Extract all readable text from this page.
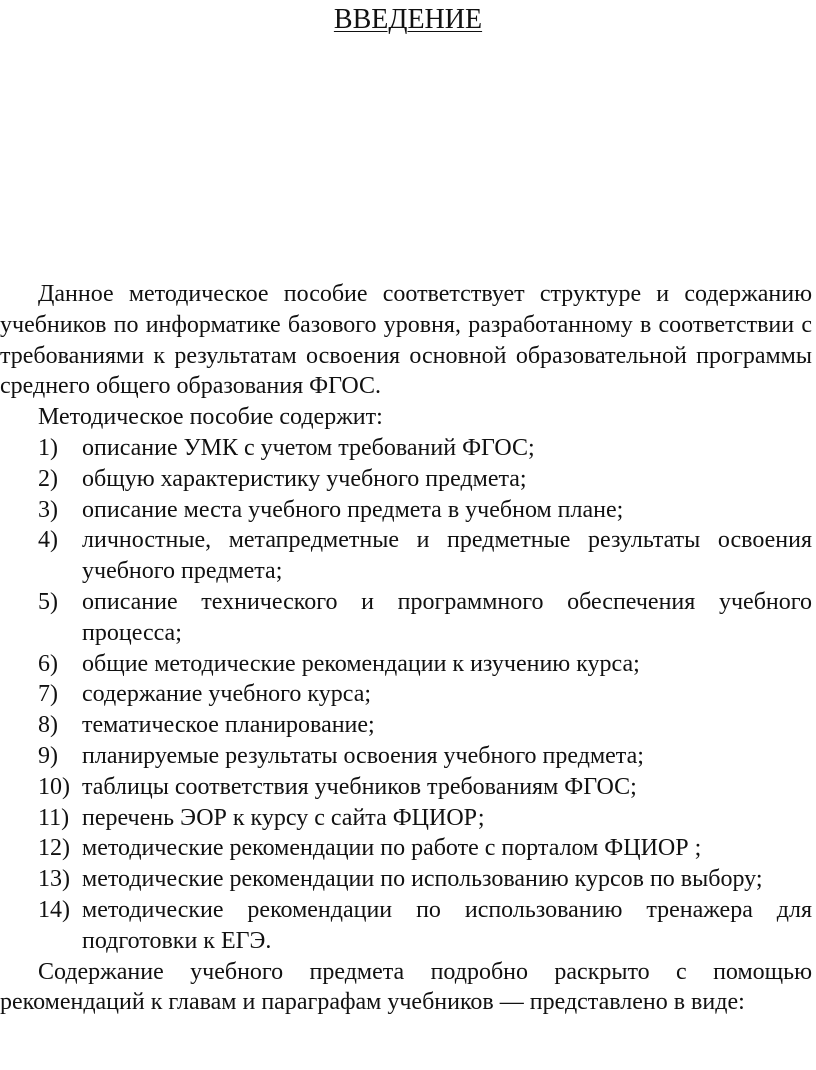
ВВЕДЕНИЕ

Данное методическое пособие соответствует структуре и содержанию учебников по информатике базового уровня, разработанному в соответствии с требованиями к результатам освоения основной образовательной программы среднего общего образования ФГОС.

Методическое пособие содержит:

1) описание УМК с учетом требований ФГОС;
2) общую характеристику учебного предмета;
3) описание места учебного предмета в учебном плане;
4) личностные, метапредметные и предметные результаты освоения учебного предмета;
5) описание технического и программного обеспечения учебного процесса;
6) общие методические рекомендации к изучению курса;
7) содержание учебного курса;
8) тематическое планирование;
9) планируемые результаты освоения учебного предмета;
10) таблицы соответствия учебников требованиям ФГОС;
11) перечень ЭОР к курсу с сайта ФЦИОР;
12) методические рекомендации по работе с порталом ФЦИОР ;
13) методические рекомендации по использованию курсов по выбору;
14) методические рекомендации по использованию тренажера для подготовки к ЕГЭ.

Содержание учебного предмета подробно раскрыто с помощью рекомендаций к главам и параграфам учебников — представлено в виде:
